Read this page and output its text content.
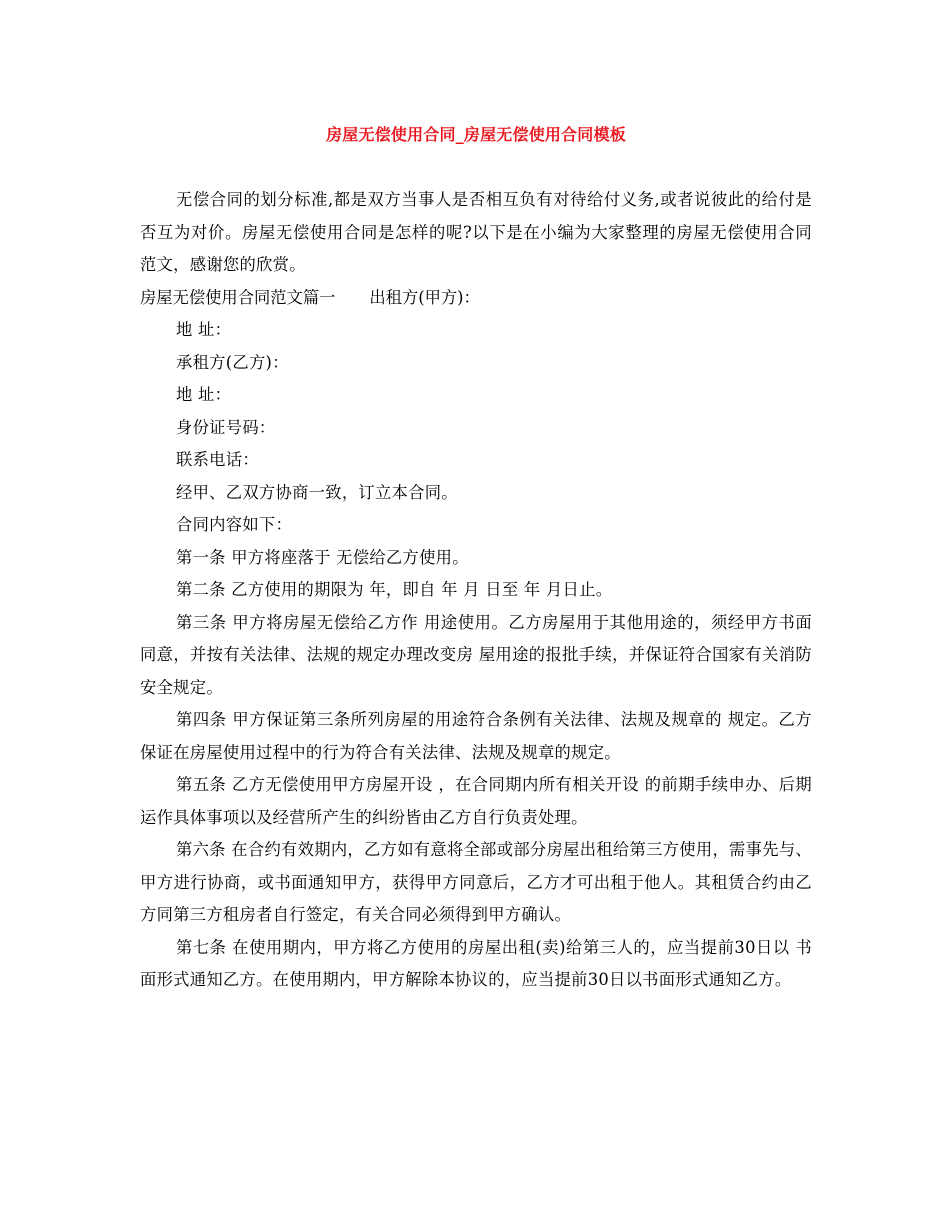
房屋无偿使用合同_房屋无偿使用合同模板

无偿合同的划分标准,都是双方当事人是否相互负有对待给付义务,或者说彼此的给付是否互为对价。房屋无偿使用合同是怎样的呢?以下是在小编为大家整理的房屋无偿使用合同范文，感谢您的欣赏。

房屋无偿使用合同范文篇一 出租方(甲方)：

地 址：

承租方(乙方)：

地 址：

身份证号码：

联系电话：

经甲、乙双方协商一致，订立本合同。

合同内容如下：

第一条 甲方将座落于 无偿给乙方使用。

第二条 乙方使用的期限为 年，即自 年 月 日至 年 月日止。

第三条 甲方将房屋无偿给乙方作 用途使用。乙方房屋用于其他用途的，须经甲方书面同意，并按有关法律、法规的规定办理改变房 屋用途的报批手续，并保证符合国家有关消防安全规定。

第四条 甲方保证第三条所列房屋的用途符合条例有关法律、法规及规章的 规定。乙方保证在房屋使用过程中的行为符合有关法律、法规及规章的规定。

第五条 乙方无偿使用甲方房屋开设 ，在合同期内所有相关开设 的前期手续申办、后期运作具体事项以及经营所产生的纠纷皆由乙方自行负责处理。

第六条 在合约有效期内，乙方如有意将全部或部分房屋出租给第三方使用，需事先与、甲方进行协商，或书面通知甲方，获得甲方同意后，乙方才可出租于他人。其租赁合约由乙方同第三方租房者自行签定，有关合同必须得到甲方确认。

第七条 在使用期内，甲方将乙方使用的房屋出租(卖)给第三人的，应当提前30日以 书面形式通知乙方。在使用期内，甲方解除本协议的，应当提前30日以书面形式通知乙方。
